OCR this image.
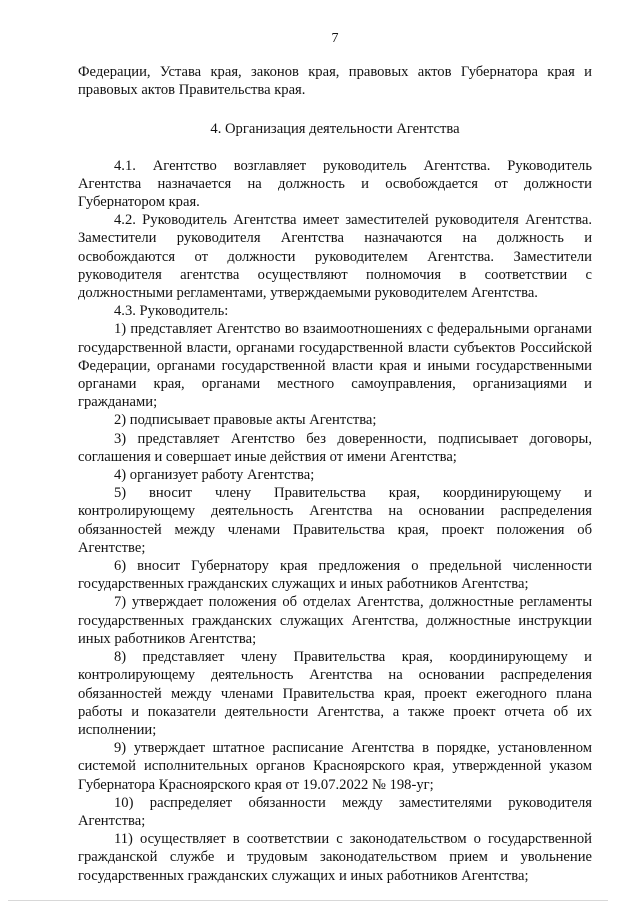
7

Федерации, Устава края, законов края, правовых актов Губернатора края и правовых актов Правительства края.

4. Организация деятельности Агентства

4.1. Агентство возглавляет руководитель Агентства. Руководитель Агентства назначается на должность и освобождается от должности Губернатором края.

4.2. Руководитель Агентства имеет заместителей руководителя Агентства. Заместители руководителя Агентства назначаются на должность и освобождаются от должности руководителем Агентства. Заместители руководителя агентства осуществляют полномочия в соответствии с должностными регламентами, утверждаемыми руководителем Агентства.

4.3. Руководитель:

1) представляет Агентство во взаимоотношениях с федеральными органами государственной власти, органами государственной власти субъектов Российской Федерации, органами государственной власти края и иными государственными органами края, органами местного самоуправления, организациями и гражданами;

2) подписывает правовые акты Агентства;

3) представляет Агентство без доверенности, подписывает договоры, соглашения и совершает иные действия от имени Агентства;

4) организует работу Агентства;

5) вносит члену Правительства края, координирующему и контролирующему деятельность Агентства на основании распределения обязанностей между членами Правительства края, проект положения об Агентстве;

6) вносит Губернатору края предложения о предельной численности государственных гражданских служащих и иных работников Агентства;

7) утверждает положения об отделах Агентства, должностные регламенты государственных гражданских служащих Агентства, должностные инструкции иных работников Агентства;

8) представляет члену Правительства края, координирующему и контролирующему деятельность Агентства на основании распределения обязанностей между членами Правительства края, проект ежегодного плана работы и показатели деятельности Агентства, а также проект отчета об их исполнении;

9) утверждает штатное расписание Агентства в порядке, установленном системой исполнительных органов Красноярского края, утвержденной указом Губернатора Красноярского края от 19.07.2022 № 198-уг;

10) распределяет обязанности между заместителями руководителя Агентства;

11) осуществляет в соответствии с законодательством о государственной гражданской службе и трудовым законодательством прием и увольнение государственных гражданских служащих и иных работников Агентства;
